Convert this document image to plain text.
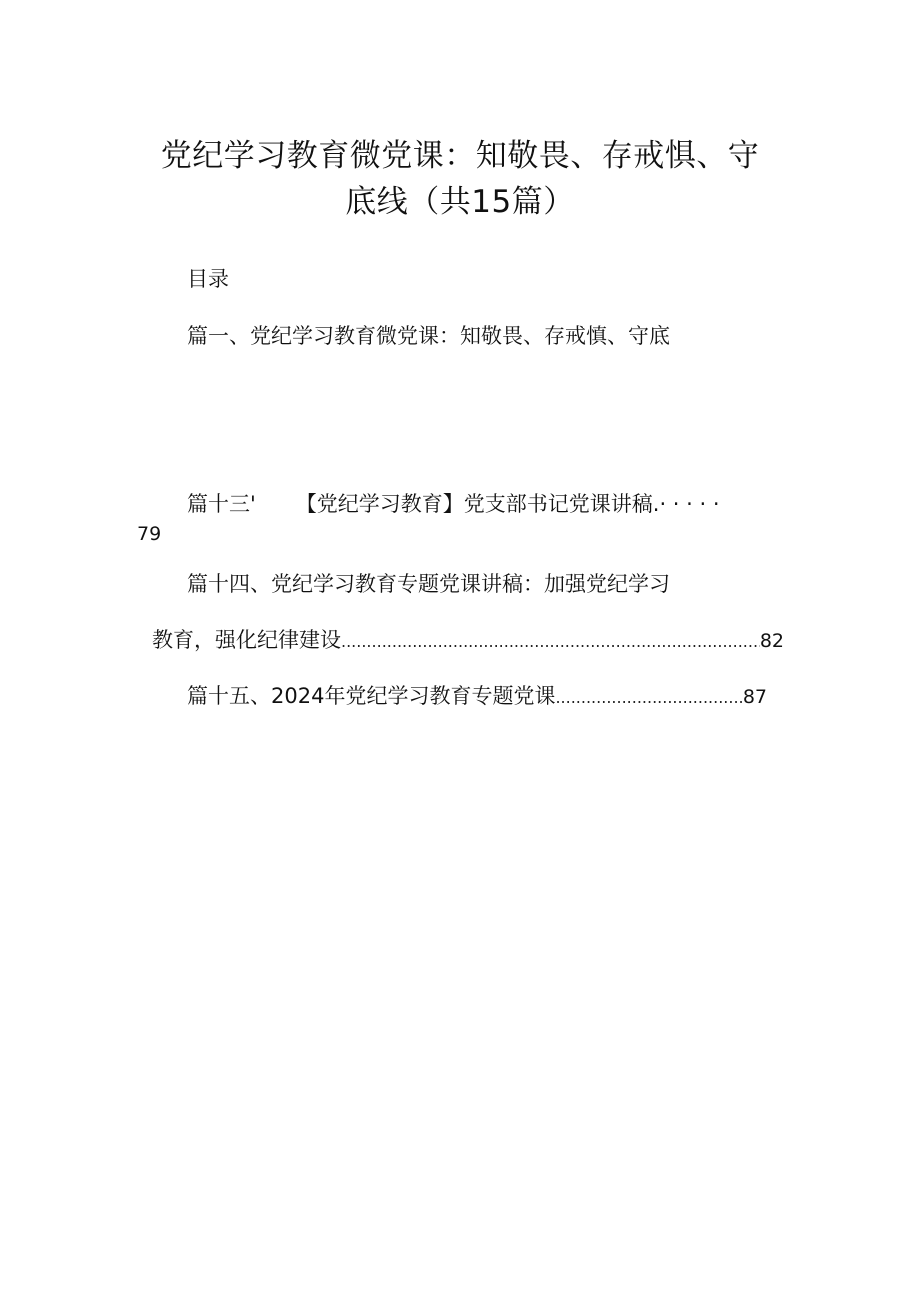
党纪学习教育微党课：知敬畏、存戒惧、守
底线（共15篇）
目录
篇一、党纪学习教育微党课：知敬畏、存戒慎、守底
篇十三' 【党纪学习教育】党支部书记党课讲稿.· · · · ·
79
篇十四、党纪学习教育专题党课讲稿：加强党纪学习
教育，强化纪律建设 .....	82
篇十五、2024年党纪学习教育专题党课 .....	87
